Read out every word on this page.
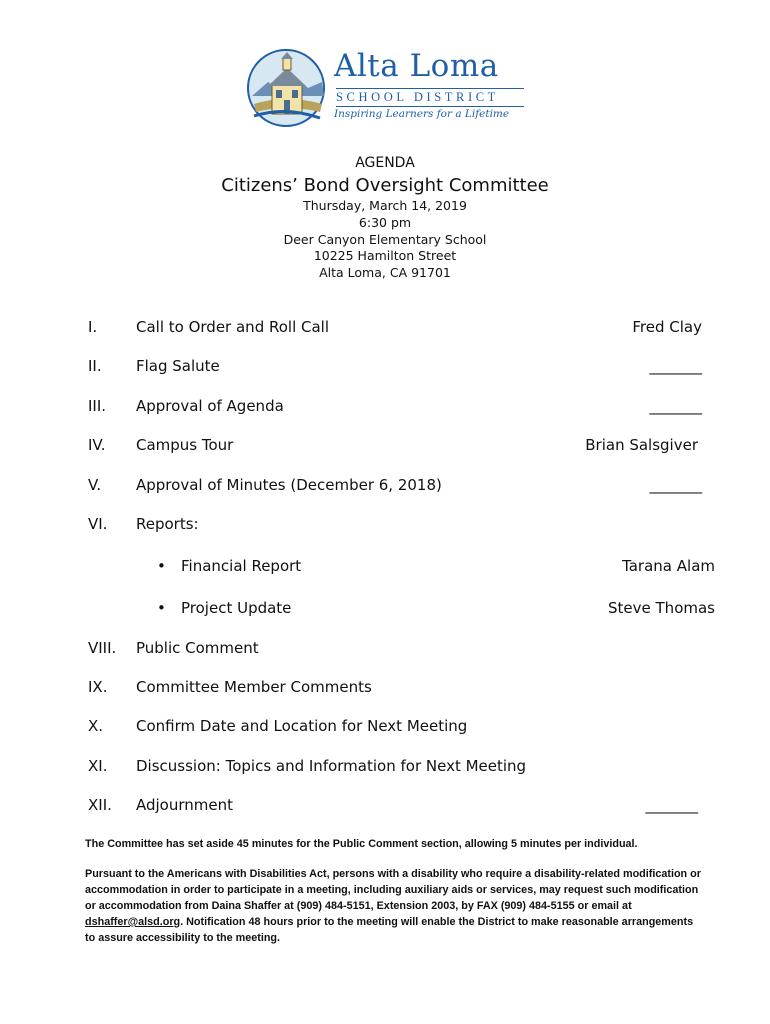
Alta Loma
SCHOOL DISTRICT
Inspiring Learners for a Lifetime
AGENDA
Citizens’ Bond Oversight Committee
Thursday, March 14, 2019
6:30 pm
Deer Canyon Elementary School
10225 Hamilton Street
Alta Loma, CA 91701
I.	Call to Order and Roll Call	Fred Clay
II. Flag Salute	_______
III. Approval of Agenda	_______
IV. Campus Tour	Brian Salsgiver
V. Approval of Minutes (December 6, 2018)	_______
VI. Reports:
• Financial Report	Tarana Alam
• Project Update	Steve Thomas
VIII. Public Comment
IX. Committee Member Comments
X. Confirm Date and Location for Next Meeting
XI. Discussion: Topics and Information for Next Meeting
XII. Adjournment	_______
The Committee has set aside 45 minutes for the Public Comment section, allowing 5 minutes per individual.
Pursuant to the Americans with Disabilities Act, persons with a disability who require a disability-related modification or accommodation in order to participate in a meeting, including auxiliary aids or services, may request such modification or accommodation from Daina Shaffer at (909) 484-5151, Extension 2003, by FAX (909) 484-5155 or email at dshaffer@alsd.org. Notification 48 hours prior to the meeting will enable the District to make reasonable arrangements to assure accessibility to the meeting.
